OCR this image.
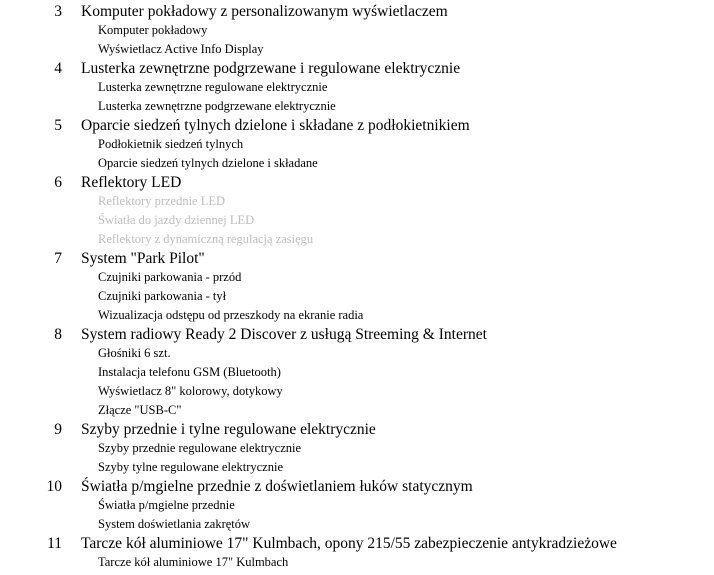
3 Komputer pokładowy z personalizowanym wyświetlaczem
Komputer pokładowy
Wyświetlacz Active Info Display
4 Lusterka zewnętrzne podgrzewane i regulowane elektrycznie
Lusterka zewnętrzne regulowane elektrycznie
Lusterka zewnętrzne podgrzewane elektrycznie
5 Oparcie siedzeń tylnych dzielone i składane z podłokietnikiem
Podłokietnik siedzeń tylnych
Oparcie siedzeń tylnych dzielone i składane
6 Reflektory LED
Reflektory przednie LED
Światła do jazdy dziennej LED
Reflektory z dynamiczną regulacją zasięgu
7 System "Park Pilot"
Czujniki parkowania - przód
Czujniki parkowania - tył
Wizualizacja odstępu od przeszkody na ekranie radia
8 System radiowy Ready 2 Discover z usługą Streeming & Internet
Głośniki 6 szt.
Instalacja telefonu GSM (Bluetooth)
Wyświetlacz 8" kolorowy, dotykowy
Złącze "USB-C"
9 Szyby przednie i tylne regulowane elektrycznie
Szyby przednie regulowane elektrycznie
Szyby tylne regulowane elektrycznie
10 Światła p/mgielne przednie z doświetlaniem łuków statycznym
Światła p/mgielne przednie
System doświetlania zakrętów
11 Tarcze kół aluminiowe 17" Kulmbach, opony 215/55 zabezpieczenie antykradzieżowe
Tarcze kół aluminiowe 17" Kulmbach
